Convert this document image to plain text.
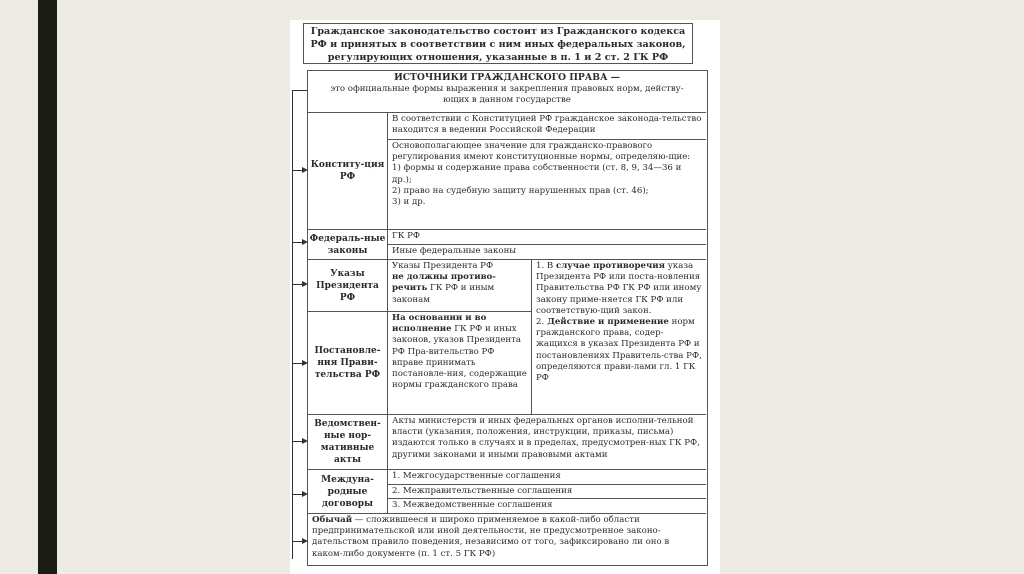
Гражданское законодательство состоит из Гражданского кодекса РФ и принятых в соответствии с ним иных федеральных законов, регулирующих отношения, указанные в п. 1 и 2 ст. 2 ГК РФ
ИСТОЧНИКИ ГРАЖДАНСКОГО ПРАВА —
это официальные формы выражения и закрепления правовых норм, действу-
ющих в данном государстве
Конститу-ция РФ
В соответствии с Конституцией РФ гражданское законода-тельство находится в ведении Российской Федерации
Основополагающее значение для гражданско-правового регулирования имеют конституционные нормы, определяю-щие:
1) формы и содержание права собственности (ст. 8, 9, 34—36 и др.);
2) право на судебную защиту нарушенных прав (ст. 46);
3) и др.
Федераль-ные законы
ГК РФ
Иные федеральные законы
Указы Президента РФ
Указы Президента РФ
не должны противо-речить ГК РФ и иным законам
1. В случае противоречия указа Президента РФ или поста-новления Правительства РФ ГК РФ или иному закону приме-няется ГК РФ или соответствую-щий закон.
2. Действие и применение норм гражданского права, содер-жащихся в указах Президента РФ и постановлениях Правитель-ства РФ, определяются прави-лами гл. 1 ГК РФ
Постановле-ния Прави-тельства РФ
На основании и во исполнение ГК РФ и иных законов, указов Президента РФ Пра-вительство РФ вправе принимать постановле-ния, содержащие нормы гражданского права
Ведомствен-ные нор-мативные акты
Акты министерств и иных федеральных органов исполни-тельной власти (указания, положения, инструкции, приказы, письма) издаются только в случаях и в пределах, предусмотрен-ных ГК РФ, другими законами и иными правовыми актами
Междуна-родные договоры
1. Межгосударственные соглашения
2. Межправительственные соглашения
3. Межведомственные соглашения
Обычай — сложившееся и широко применяемое в какой-либо области предпринимательской или иной деятельности, не предусмотренное законо-дательством правило поведения, независимо от того, зафиксировано ли оно в каком-либо документе (п. 1 ст. 5 ГК РФ)
